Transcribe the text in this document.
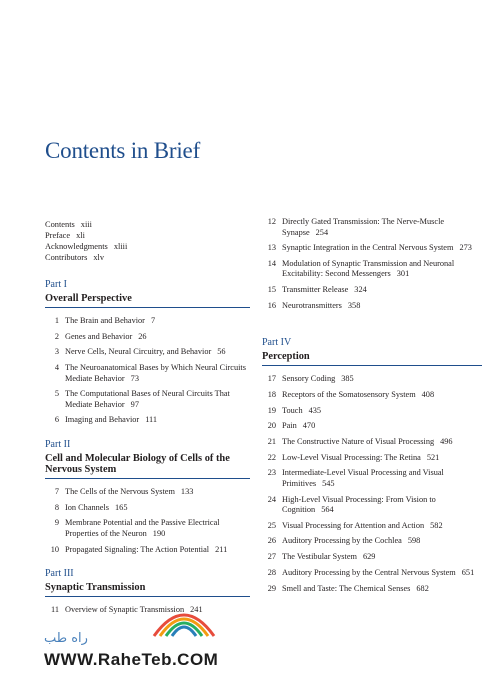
Contents in Brief
Contents xiii
Preface xli
Acknowledgments xliii
Contributors xlv
Part I
Overall Perspective
1 The Brain and Behavior 7
2 Genes and Behavior 26
3 Nerve Cells, Neural Circuitry, and Behavior 56
4 The Neuroanatomical Bases by Which Neural Circuits Mediate Behavior 73
5 The Computational Bases of Neural Circuits That Mediate Behavior 97
6 Imaging and Behavior 111
Part II
Cell and Molecular Biology of Cells of the Nervous System
7 The Cells of the Nervous System 133
8 Ion Channels 165
9 Membrane Potential and the Passive Electrical Properties of the Neuron 190
10 Propagated Signaling: The Action Potential 211
Part III
Synaptic Transmission
11 Overview of Synaptic Transmission 241
12 Directly Gated Transmission: The Nerve-Muscle Synapse 254
13 Synaptic Integration in the Central Nervous System 273
14 Modulation of Synaptic Transmission and Neuronal Excitability: Second Messengers 301
15 Transmitter Release 324
16 Neurotransmitters 358
Part IV
Perception
17 Sensory Coding 385
18 Receptors of the Somatosensory System 408
19 Touch 435
20 Pain 470
21 The Constructive Nature of Visual Processing 496
22 Low-Level Visual Processing: The Retina 521
23 Intermediate-Level Visual Processing and Visual Primitives 545
24 High-Level Visual Processing: From Vision to Cognition 564
25 Visual Processing for Attention and Action 582
26 Auditory Processing by the Cochlea 598
27 The Vestibular System 629
28 Auditory Processing by the Central Nervous System 651
29 Smell and Taste: The Chemical Senses 682
راه طب
WWW.RaheTeb.COM
